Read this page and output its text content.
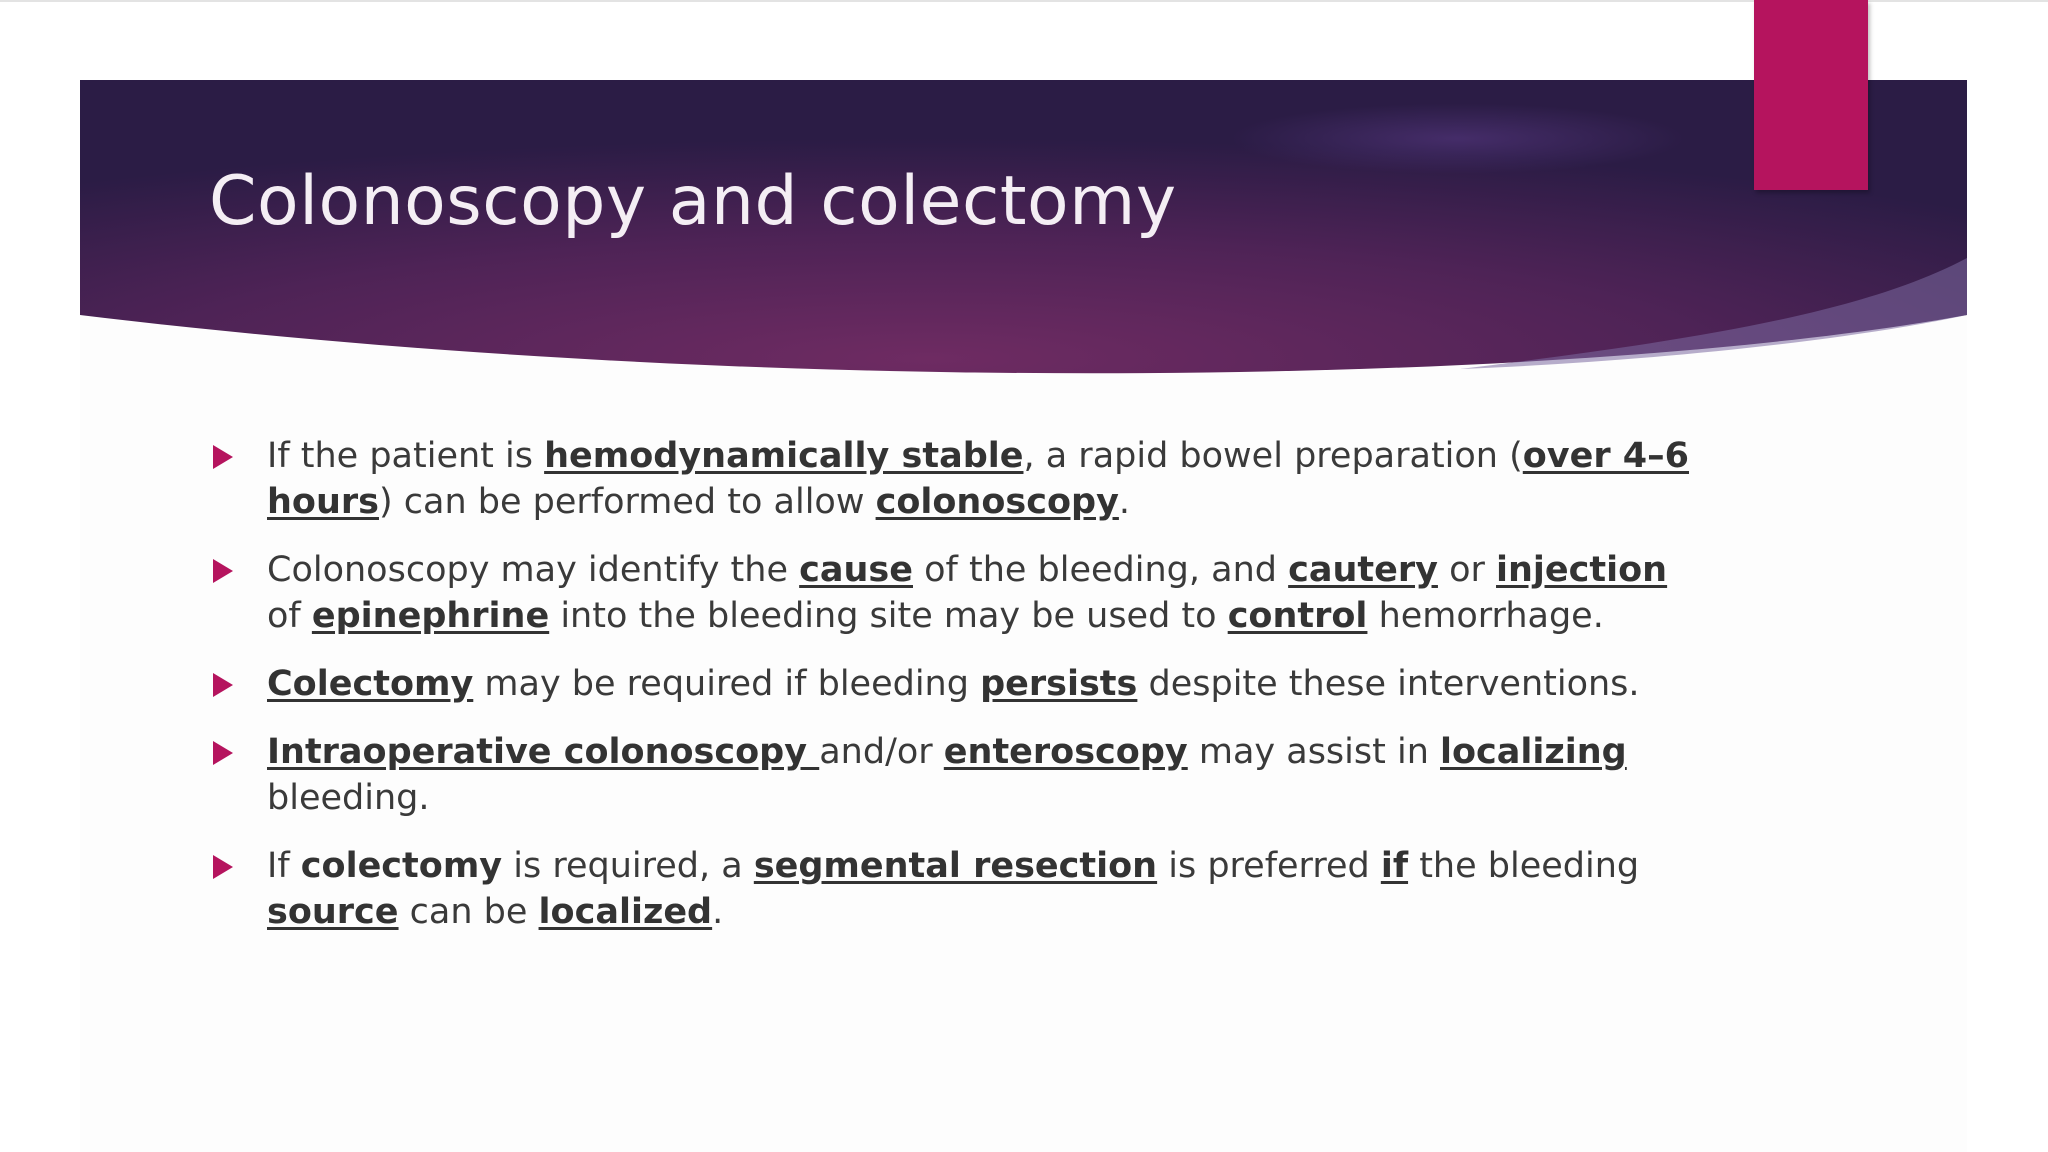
Colonoscopy and colectomy
If the patient is hemodynamically stable, a rapid bowel preparation (over 4–6 hours) can be performed to allow colonoscopy.
Colonoscopy may identify the cause of the bleeding, and cautery or injection of epinephrine into the bleeding site may be used to control hemorrhage.
Colectomy may be required if bleeding persists despite these interventions.
Intraoperative colonoscopy and/or enteroscopy may assist in localizing bleeding.
If colectomy is required, a segmental resection is preferred if the bleeding source can be localized.
